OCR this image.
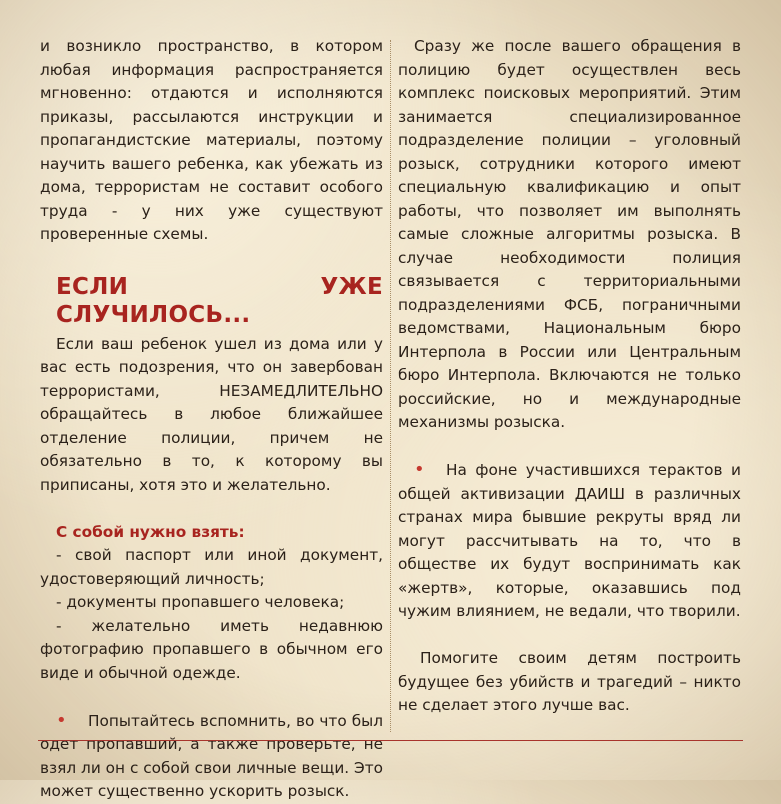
и возникло пространство, в котором любая информация распространяется мгновенно: отдаются и исполняются приказы, рассылаются инструкции и пропагандистские материалы, поэтому научить вашего ребенка, как убежать из дома, террористам не составит особого труда - у них уже существуют проверенные схемы.

ЕСЛИ УЖЕ СЛУЧИЛОСЬ...

Если ваш ребенок ушел из дома или у вас есть подозрения, что он завербован террористами, НЕЗАМЕДЛИТЕЛЬНО обращайтесь в любое ближайшее отделение полиции, причем не обязательно в то, к которому вы приписаны, хотя это и желательно.

С собой нужно взять:

- свой паспорт или иной документ, удостоверяющий личность;

- документы пропавшего человека;

- желательно иметь недавнюю фотографию пропавшего в обычном его виде и обычной одежде.

• Попытайтесь вспомнить, во что был одет пропавший, а также проверьте, не взял ли он с собой свои личные вещи. Это может существенно ускорить розыск.

Сразу же после вашего обращения в полицию будет осуществлен весь комплекс поисковых мероприятий. Этим занимается специализированное подразделение полиции – уголовный розыск, сотрудники которого имеют специальную квалификацию и опыт работы, что позволяет им выполнять самые сложные алгоритмы розыска. В случае необходимости полиция связывается с территориальными подразделениями ФСБ, пограничными ведомствами, Национальным бюро Интерпола в России или Центральным бюро Интерпола. Включаются не только российские, но и международные механизмы розыска.

• На фоне участившихся терактов и общей активизации ДАИШ в различных странах мира бывшие рекруты вряд ли могут рассчитывать на то, что в обществе их будут воспринимать как «жертв», которые, оказавшись под чужим влиянием, не ведали, что творили.

Помогите своим детям построить будущее без убийств и трагедий – никто не сделает этого лучше вас.
